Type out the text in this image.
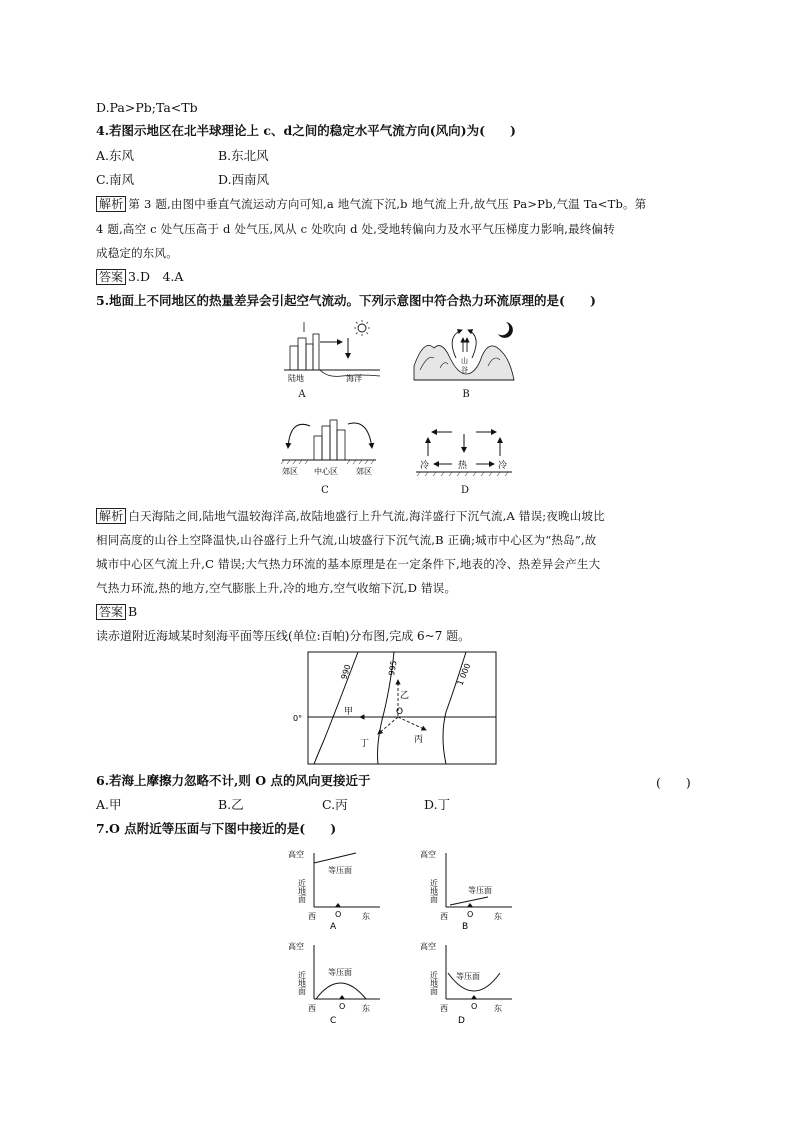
D.Pa>Pb;Ta<Tb
4.若图示地区在北半球理论上 c、d之间的稳定水平气流方向(风向)为(　　)
A.东风	B.东北风
C.南风	D.西南风
解析 第 3 题,由图中垂直气流运动方向可知,a 地气流下沉,b 地气流上升,故气压 Pa>Pb,气温 Ta<Tb。第
4 题,高空 c 处气压高于 d 处气压,风从 c 处吹向 d 处,受地转偏向力及水平气压梯度力影响,最终偏转
成稳定的东风。
答案 3.D　4.A
5.地面上不同地区的热量差异会引起空气流动。下列示意图中符合热力环流原理的是(　　)
陆地	海洋
A
山
谷
B
郊区 中心区 郊区
C
冷	热	冷
D
解析 白天海陆之间,陆地气温较海洋高,故陆地盛行上升气流,海洋盛行下沉气流,A 错误;夜晚山坡比
相同高度的山谷上空降温快,山谷盛行上升气流,山坡盛行下沉气流,B 正确;城市中心区为“热岛”,故
城市中心区气流上升,C 错误;大气热力环流的基本原理是在一定条件下,地表的冷、热差异会产生大
气热力环流,热的地方,空气膨胀上升,冷的地方,空气收缩下沉,D 错误。
答案 B
读赤道附近海域某时刻海平面等压线(单位:百帕)分布图,完成 6~7 题。
0°
990	995	1 000
甲
乙
丙
丁
O
6.若海上摩擦力忽略不计,则 O 点的风向更接近于	(　　)
A.甲	B.乙	C.丙	D.丁
7.O 点附近等压面与下图中接近的是(　　)
高空
近地面
等压面
西 O	东
A
高空
近地面	等压面
西 O	东
B
高空
近地面	等压面
西	O 东
C
高空
近地面 等压面
西	O 东
D
